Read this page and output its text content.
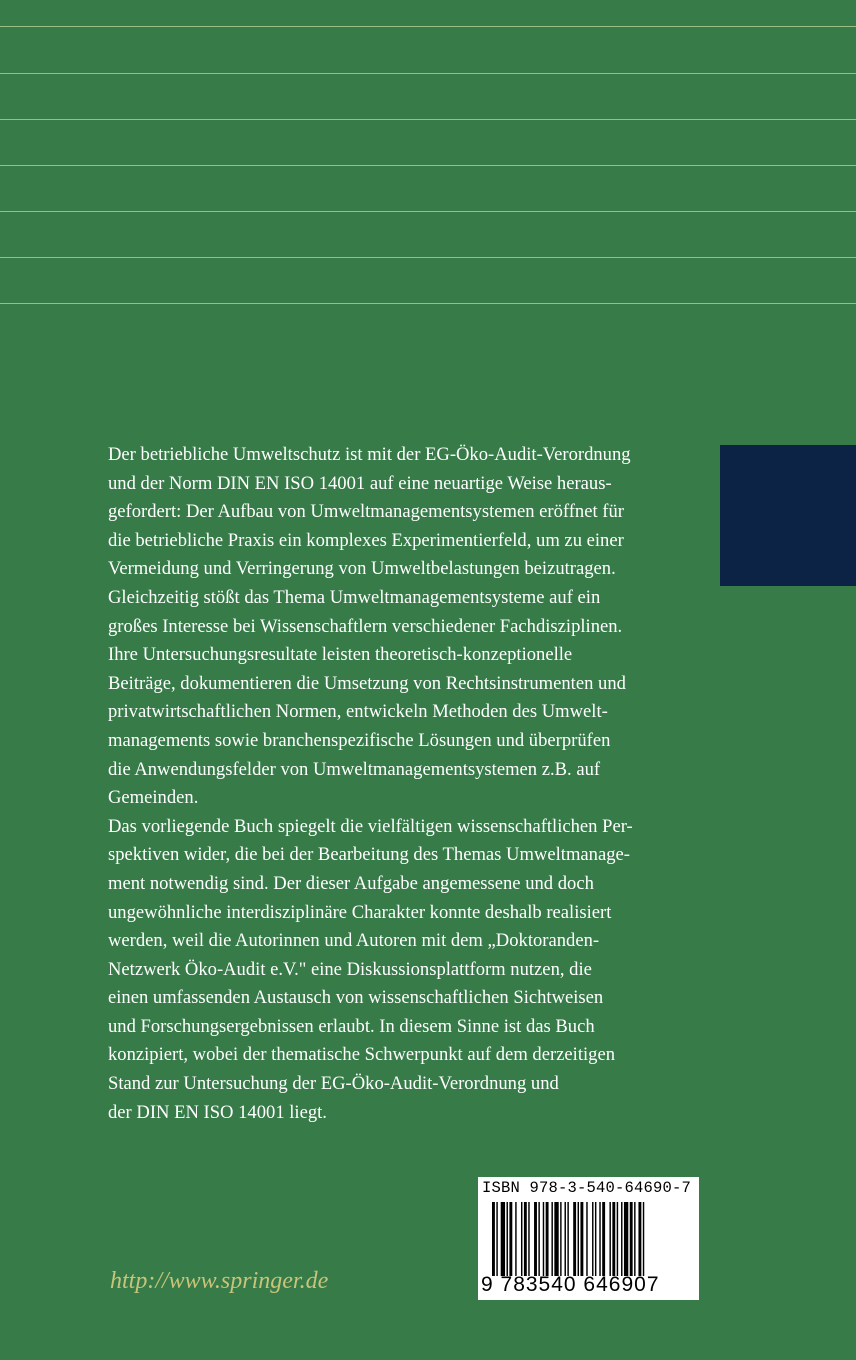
Der betriebliche Umweltschutz ist mit der EG-Öko-Audit-Verordnung
und der Norm DIN EN ISO 14001 auf eine neuartige Weise heraus-
gefordert: Der Aufbau von Umweltmanagementsystemen eröffnet für
die betriebliche Praxis ein komplexes Experimentierfeld, um zu einer
Vermeidung und Verringerung von Umweltbelastungen beizutragen.
Gleichzeitig stößt das Thema Umweltmanagementsysteme auf ein
großes Interesse bei Wissenschaftlern verschiedener Fachdisziplinen.
Ihre Untersuchungsresultate leisten theoretisch-konzeptionelle
Beiträge, dokumentieren die Umsetzung von Rechtsinstrumenten und
privatwirtschaftlichen Normen, entwickeln Methoden des Umwelt-
managements sowie branchenspezifische Lösungen und überprüfen
die Anwendungsfelder von Umweltmanagementsystemen z.B. auf
Gemeinden.
Das vorliegende Buch spiegelt die vielfältigen wissenschaftlichen Per-
spektiven wider, die bei der Bearbeitung des Themas Umweltmanage-
ment notwendig sind. Der dieser Aufgabe angemessene und doch
ungewöhnliche interdisziplinäre Charakter konnte deshalb realisiert
werden, weil die Autorinnen und Autoren mit dem „Doktoranden-
Netzwerk Öko-Audit e.V." eine Diskussionsplattform nutzen, die
einen umfassenden Austausch von wissenschaftlichen Sichtweisen
und Forschungsergebnissen erlaubt. In diesem Sinne ist das Buch
konzipiert, wobei der thematische Schwerpunkt auf dem derzeitigen
Stand zur Untersuchung der EG-Öko-Audit-Verordnung und
der DIN EN ISO 14001 liegt.
http://www.springer.de
ISBN 978-3-540-64690-7
9 783540 646907
